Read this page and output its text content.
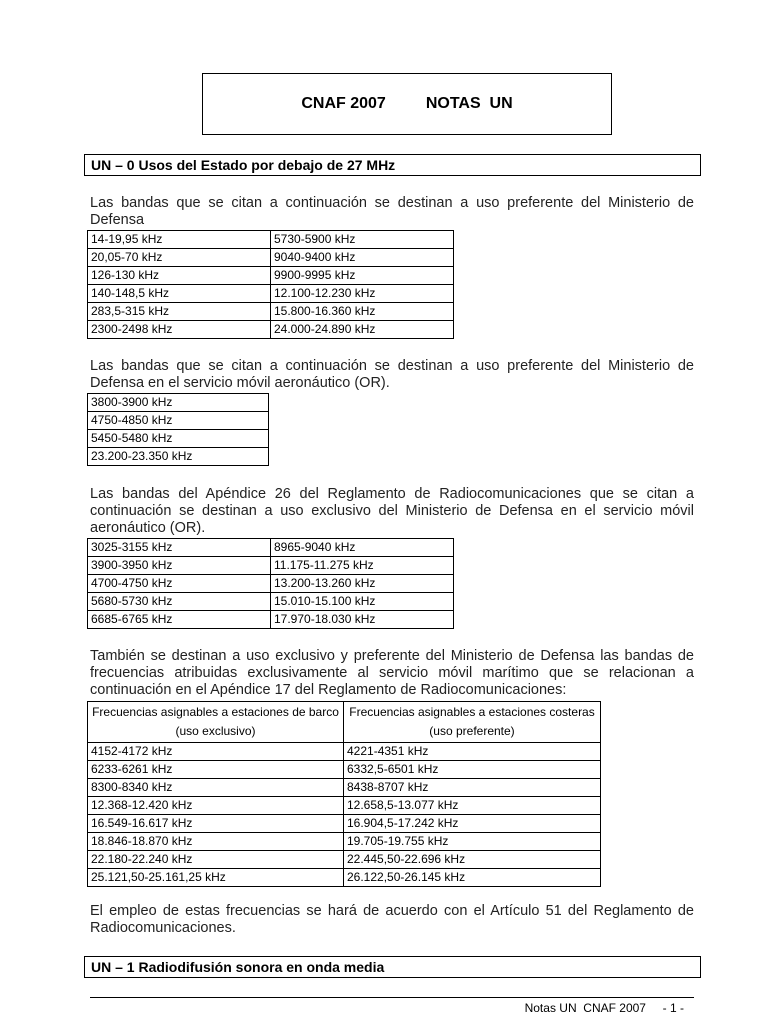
CNAF 2007	NOTAS  UN
UN – 0 Usos del Estado por debajo de 27 MHz
Las bandas que se citan a continuación se destinan a uso preferente del Ministerio de Defensa
14-19,95 kHz	5730-5900 kHz
20,05-70 kHz	9040-9400 kHz
126-130 kHz	9900-9995 kHz
140-148,5 kHz	12.100-12.230 kHz
283,5-315 kHz	15.800-16.360 kHz
2300-2498 kHz	24.000-24.890 kHz
Las bandas que se citan a continuación se destinan a uso preferente del Ministerio de Defensa en el servicio móvil aeronáutico (OR).
3800-3900 kHz
4750-4850 kHz
5450-5480 kHz
23.200-23.350 kHz
Las bandas del Apéndice 26 del Reglamento de Radiocomunicaciones que se citan a continuación se destinan a uso exclusivo del Ministerio de Defensa en el servicio móvil aeronáutico (OR).
3025-3155 kHz	8965-9040 kHz
3900-3950 kHz	11.175-11.275 kHz
4700-4750 kHz	13.200-13.260 kHz
5680-5730 kHz	15.010-15.100 kHz
6685-6765 kHz	17.970-18.030 kHz
También se destinan a uso exclusivo y preferente del Ministerio de Defensa las bandas de frecuencias atribuidas exclusivamente al servicio móvil marítimo que se relacionan a continuación en el Apéndice 17 del Reglamento de Radiocomunicaciones:
Frecuencias asignables a estaciones de barco (uso exclusivo)	Frecuencias asignables a estaciones costeras (uso preferente)
4152-4172 kHz	4221-4351 kHz
6233-6261 kHz	6332,5-6501 kHz
8300-8340 kHz	8438-8707 kHz
12.368-12.420 kHz	12.658,5-13.077 kHz
16.549-16.617 kHz	16.904,5-17.242 kHz
18.846-18.870 kHz	19.705-19.755 kHz
22.180-22.240 kHz	22.445,50-22.696 kHz
25.121,50-25.161,25 kHz	26.122,50-26.145 kHz
El empleo de estas frecuencias se hará de acuerdo con el Artículo 51 del Reglamento de Radiocomunicaciones.
UN – 1 Radiodifusión sonora en onda media
Notas UN  CNAF 2007 - 1 -
